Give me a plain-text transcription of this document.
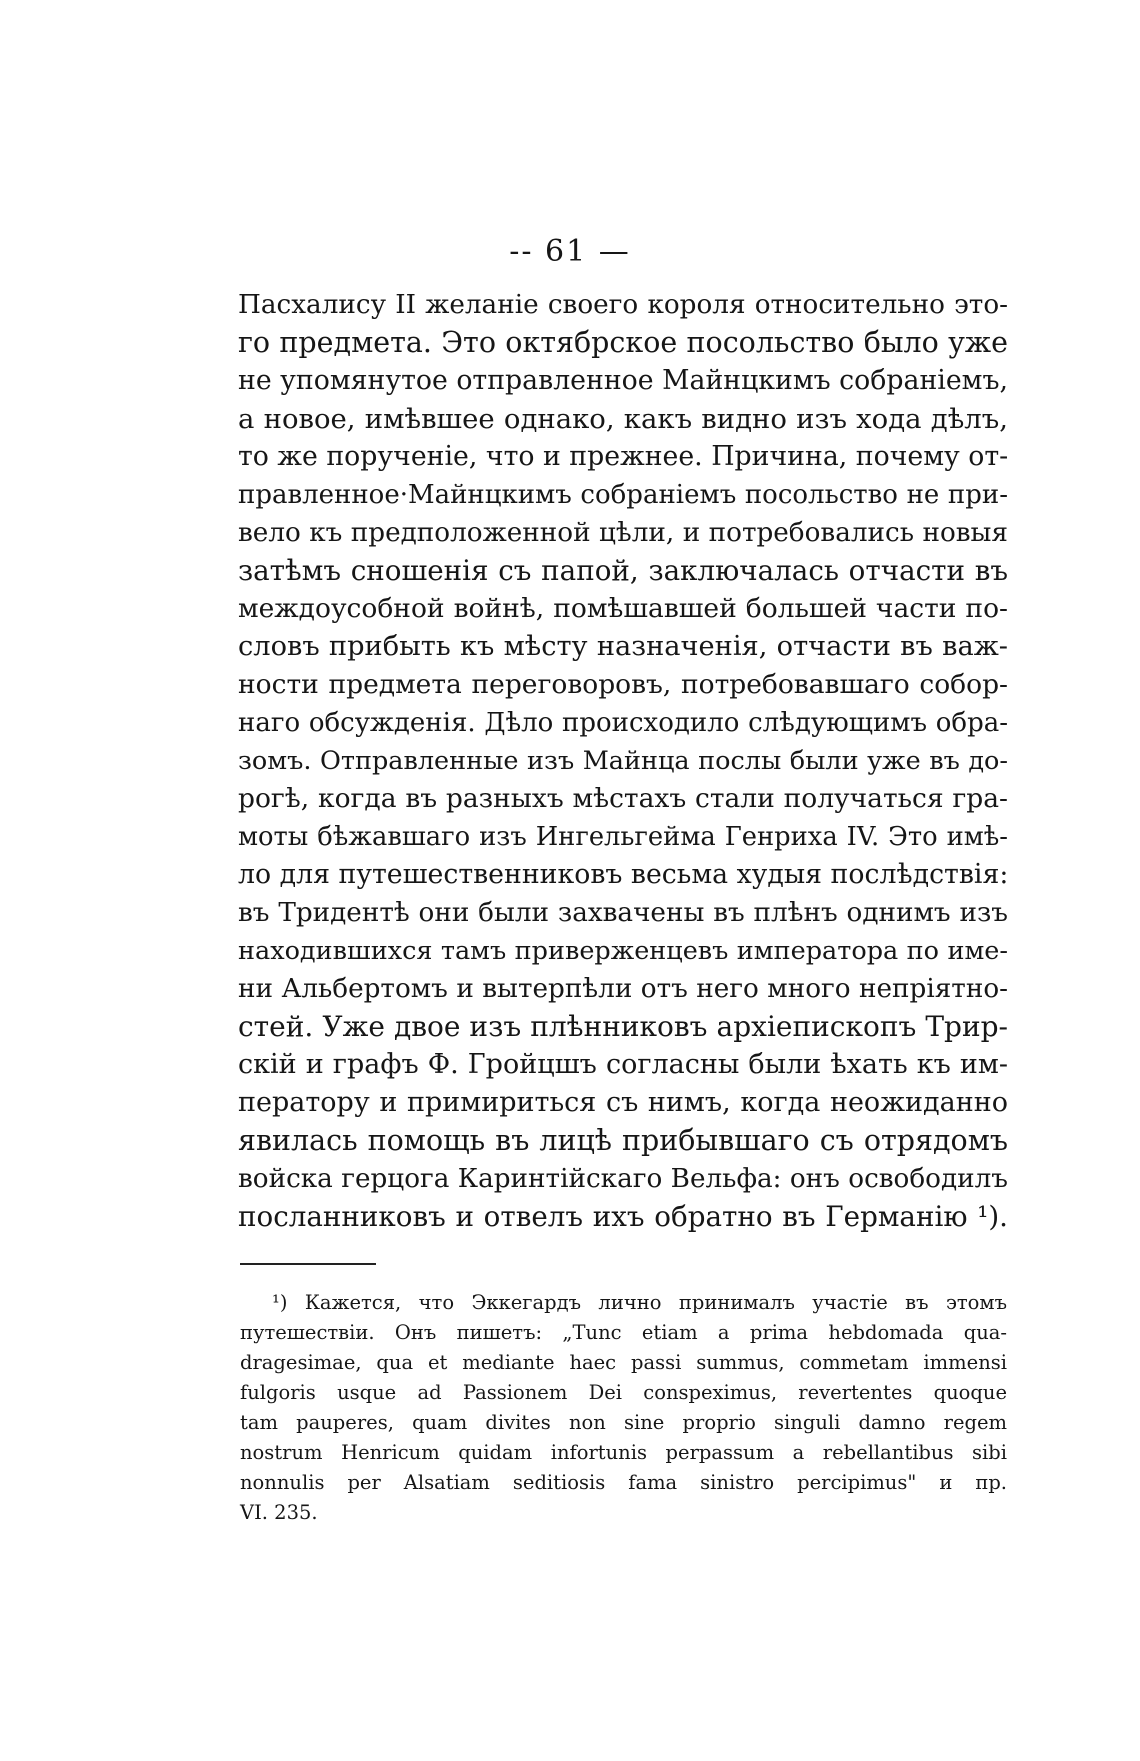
-- 61 —
Пасхалису II желаніе своего короля относительно это-
го предмета. Это октябрское посольство было уже
не упомянутое отправленное Майнцкимъ собраніемъ,
а новое, имѣвшее однако, какъ видно изъ хода дѣлъ,
то же порученіе, что и прежнее. Причина, почему от-
правленное·Майнцкимъ собраніемъ посольство не при-
вело къ предположенной цѣли, и потребовались новыя
затѣмъ сношенія съ папой, заключалась отчасти въ
междоусобной войнѣ, помѣшавшей большей части по-
словъ прибыть къ мѣсту назначенія, отчасти въ важ-
ности предмета переговоровъ, потребовавшаго собор-
наго обсужденія. Дѣло происходило слѣдующимъ обра-
зомъ. Отправленные изъ Майнца послы были уже въ до-
рогѣ, когда въ разныхъ мѣстахъ стали получаться гра-
моты бѣжавшаго изъ Ингельгейма Генриха IV. Это имѣ-
ло для путешественниковъ весьма худыя послѣдствія:
въ Тридентѣ они были захвачены въ плѣнъ однимъ изъ
находившихся тамъ приверженцевъ императора по име-
ни Альбертомъ и вытерпѣли отъ него много непріятно-
стей. Уже двое изъ плѣнниковъ архіепископъ Трир-
скій и графъ Ф. Гройцшъ согласны были ѣхать къ им-
ператору и примириться съ нимъ, когда неожиданно
явилась помощь въ лицѣ прибывшаго съ отрядомъ
войска герцога Каринтійскаго Вельфа: онъ освободилъ
посланниковъ и отвелъ ихъ обратно въ Германію ¹).
¹) Кажется, что Эккегардъ лично принималъ участіе въ этомъ
путешествіи. Онъ пишетъ: „Tunc etiam a prima hebdomada qua-
dragesimae, qua et mediante haec passi summus, commetam immensi
fulgoris usque ad Passionem Dei conspeximus, revertentes quoque
tam pauperes, quam divites non sine proprio singuli damno regem
nostrum Henricum quidam infortunis perpassum a rebellantibus sibi
nonnulis per Alsatiam seditiosis fama sinistro percipimus" и пр.
VI. 235.
